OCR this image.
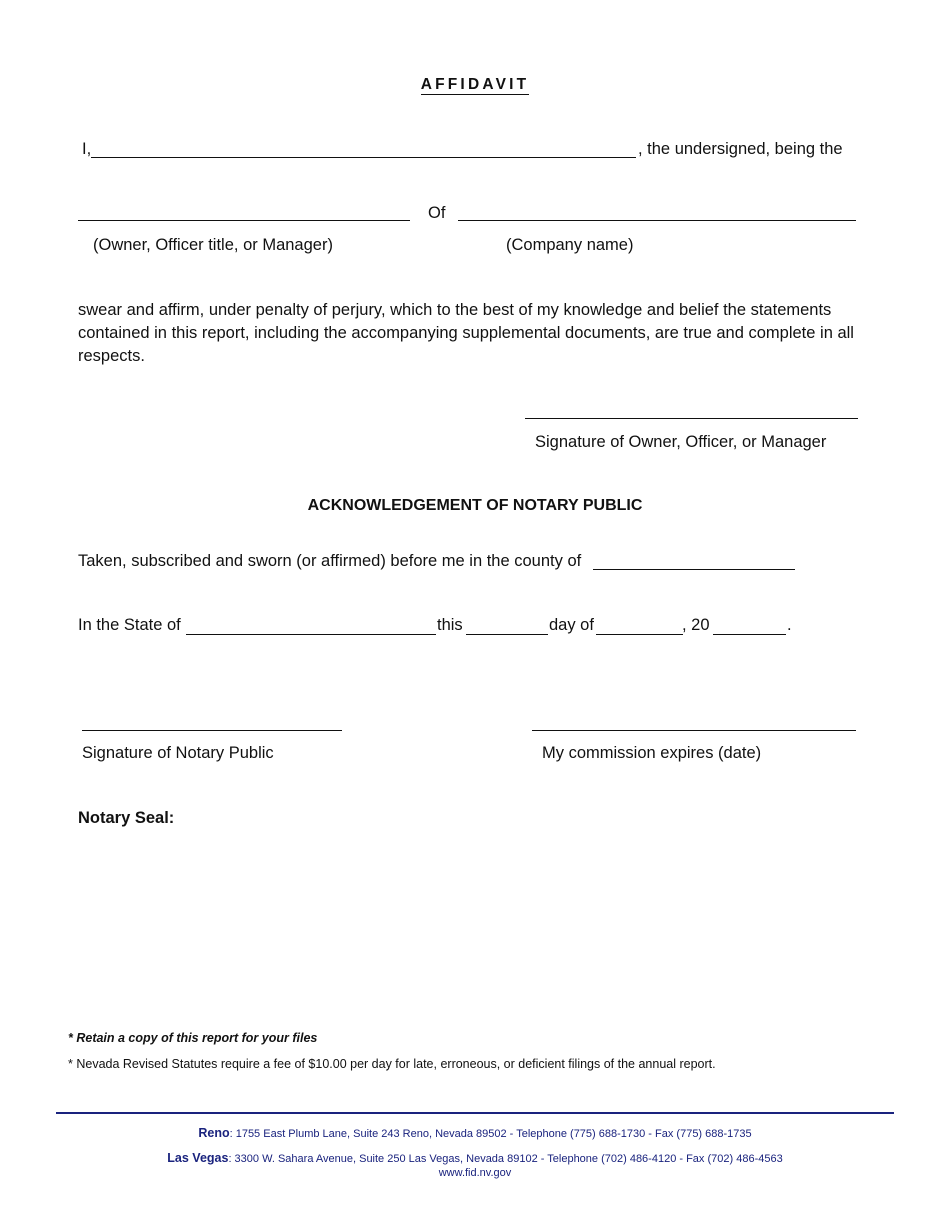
AFFIDAVIT
I,	, the undersigned, being the
Of
(Owner, Officer title, or Manager)	(Company name)
swear and affirm, under penalty of perjury, which to the best of my knowledge and belief the statements contained in this report, including the accompanying supplemental documents, are true and complete in all respects.
Signature of Owner, Officer, or Manager
ACKNOWLEDGEMENT OF NOTARY PUBLIC
Taken, subscribed and sworn (or affirmed) before me in the county of
In the State of	this	day of	, 20	.
Signature of Notary Public	My commission expires (date)
Notary Seal:
* Retain a copy of this report for your files
* Nevada Revised Statutes require a fee of $10.00 per day for late, erroneous, or deficient filings of the annual report.
Reno: 1755 East Plumb Lane, Suite 243 Reno, Nevada 89502 - Telephone (775) 688-1730 - Fax (775) 688-1735
Las Vegas: 3300 W. Sahara Avenue, Suite 250 Las Vegas, Nevada 89102 - Telephone (702) 486-4120 - Fax (702) 486-4563
www.fid.nv.gov
